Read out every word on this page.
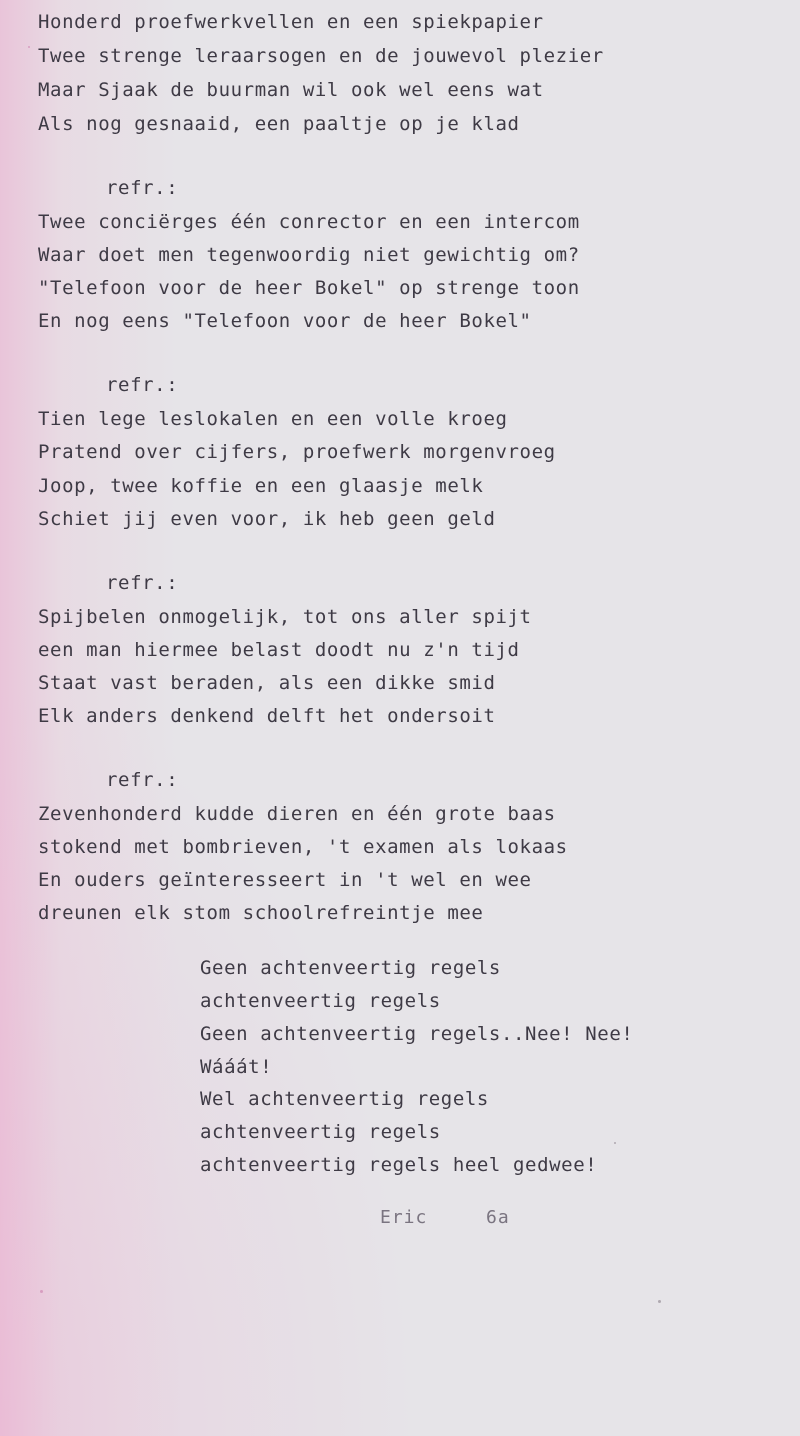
Honderd proefwerkvellen en een spiekpapier
Twee strenge leraarsogen en de jouwevol plezier
Maar Sjaak de buurman wil ook wel eens wat
Als nog gesnaaid, een paaltje op je klad
refr.:
Twee conciërges één conrector en een intercom
Waar doet men tegenwoordig niet gewichtig om?
"Telefoon voor de heer Bokel" op strenge toon
En nog eens "Telefoon voor de heer Bokel"
refr.:
Tien lege leslokalen en een volle kroeg
Pratend over cijfers, proefwerk morgenvroeg
Joop, twee koffie en een glaasje melk
Schiet jij even voor, ik heb geen geld
refr.:
Spijbelen onmogelijk, tot ons aller spijt
een man hiermee belast doodt nu z'n tijd
Staat vast beraden, als een dikke smid
Elk anders denkend delft het ondersoit
refr.:
Zevenhonderd kudde dieren en één grote baas
stokend met bombrieven, 't examen als lokaas
En ouders geïnteresseert in 't wel en wee
dreunen elk stom schoolrefreintje mee
Geen achtenveertig regels
achtenveertig regels
Geen achtenveertig regels..Nee! Nee!
Wááát!
Wel achtenveertig regels
achtenveertig regels
achtenveertig regels heel gedwee!
Eric	6a
